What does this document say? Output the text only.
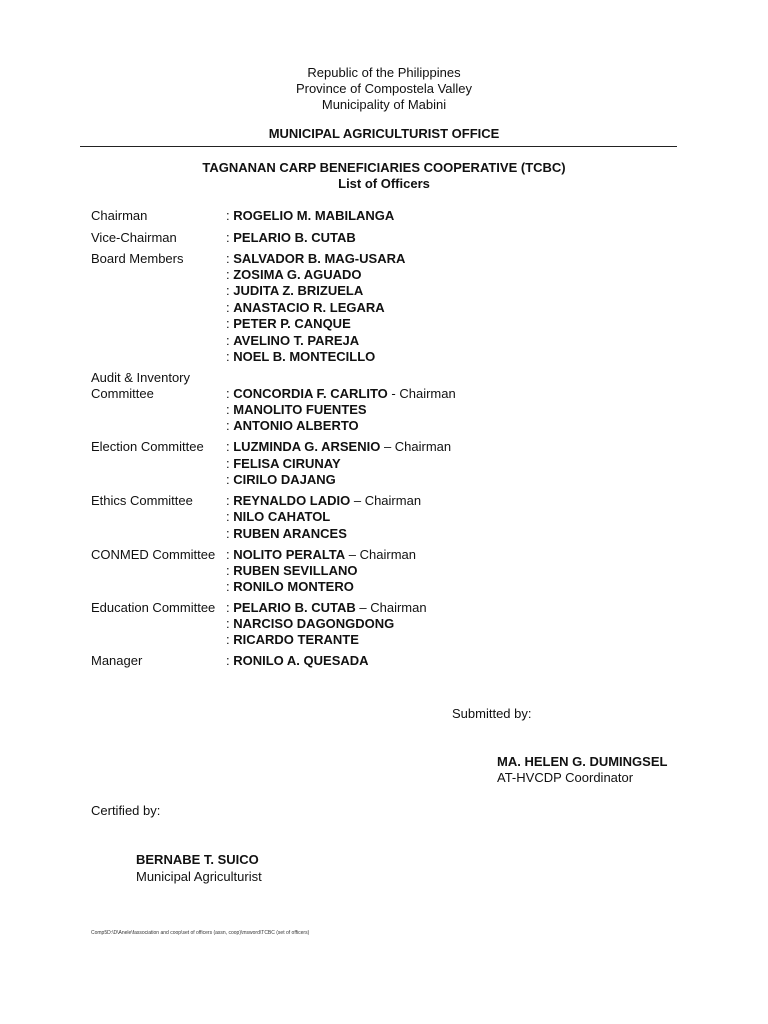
Republic of the Philippines
Province of Compostela Valley
Municipality of Mabini
MUNICIPAL AGRICULTURIST OFFICE
TAGNANAN CARP BENEFICIARIES COOPERATIVE (TCBC)
List of Officers
Chairman	: ROGELIO M. MABILANGA
Vice-Chairman	: PELARIO B. CUTAB
Board Members	: SALVADOR B. MAG-USARA
: ZOSIMA G. AGUADO
: JUDITA Z. BRIZUELA
: ANASTACIO R. LEGARA
: PETER P. CANQUE
: AVELINO T. PAREJA
: NOEL B. MONTECILLO
Audit & Inventory
Committee	: CONCORDIA F. CARLITO - Chairman
: MANOLITO FUENTES
: ANTONIO ALBERTO
Election Committee : LUZMINDA G. ARSENIO – Chairman
: FELISA CIRUNAY
: CIRILO DAJANG
Ethics Committee	: REYNALDO LADIO – Chairman
: NILO CAHATOL
: RUBEN ARANCES
CONMED Committee : NOLITO PERALTA – Chairman
: RUBEN SEVILLANO
: RONILO MONTERO
Education Committee : PELARIO B. CUTAB – Chairman
: NARCISO DAGONGDONG
: RICARDO TERANTE
Manager	: RONILO A. QUESADA
Submitted by:
MA. HELEN G. DUMINGSEL
AT-HVCDP Coordinator
Certified by:
BERNABE T. SUICO
Municipal Agriculturist
Comp5D:\D\Anele\fassociation and coop\set of officers (assn, coop)\msword\TCBC (set of officers)
